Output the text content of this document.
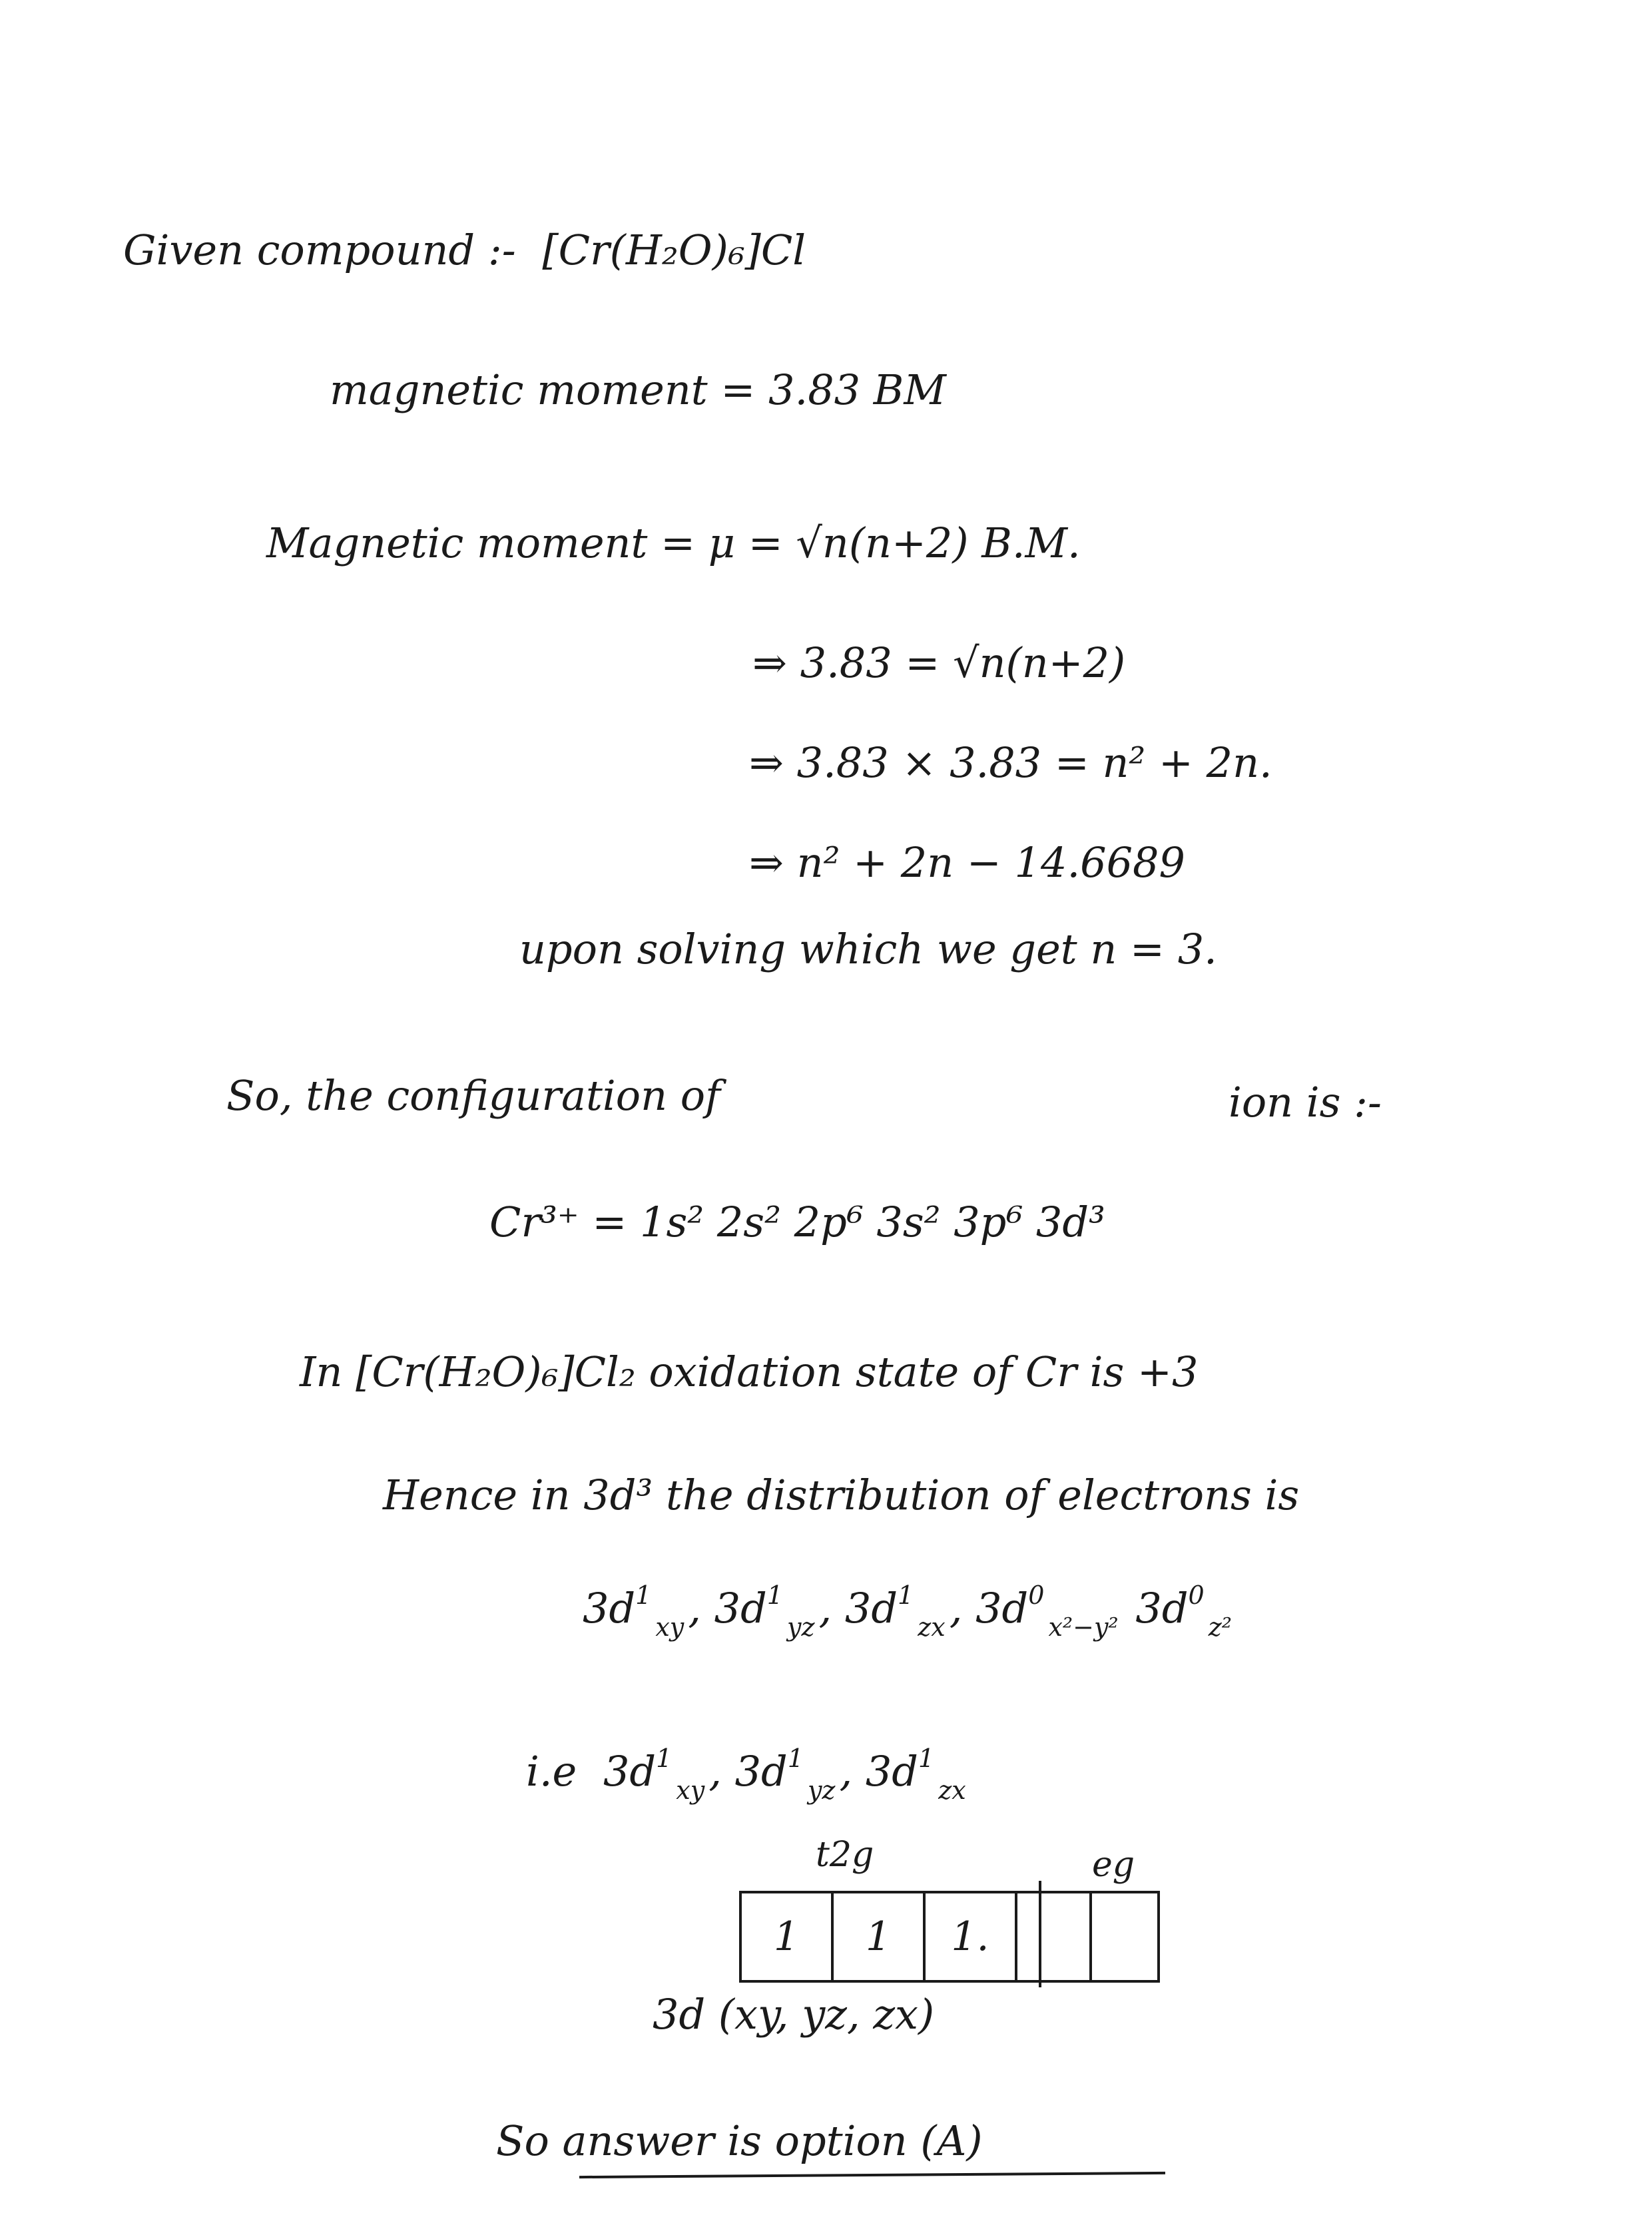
Given compound :- [Cr(H₂O)₆]Cl
magnetic moment = 3.83 BM
Magnetic moment = μ = √n(n+2) B.M.
⇒ 3.83 = √n(n+2)
⇒ 3.83 × 3.83 = n² + 2n.
⇒ n² + 2n − 14.6689
upon solving which we get n = 3.
So, the configuration of	ion is :-
Cr³⁺ = 1s² 2s² 2p⁶ 3s² 3p⁶ 3d³
In [Cr(H₂O)₆]Cl₂ oxidation state of Cr is +3
Hence in 3d³ the distribution of electrons is
$3d^1_{xy}$, $3d^1_{yz}$, $3d^1_{zx}$, $3d^0_{x^2-y^2}$ $3d^0_{z^2}$
i.e $3d^1_{xy}$, $3d^1_{yz}$, $3d^1_{zx}$
t2g	eg
1	1	1.
3d (xy, yz, zx)
So answer is option (A)
